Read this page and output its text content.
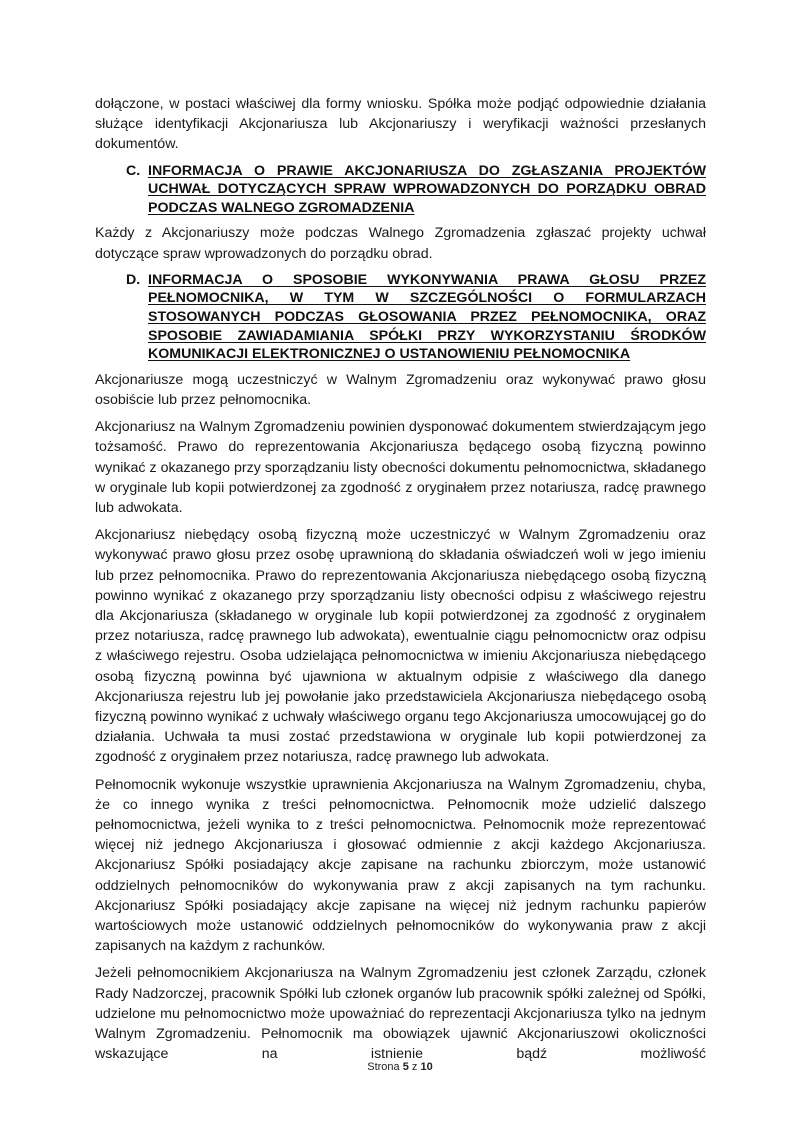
dołączone, w postaci właściwej dla formy wniosku. Spółka może podjąć odpowiednie działania służące identyfikacji Akcjonariusza lub Akcjonariuszy i weryfikacji ważności przesłanych dokumentów.

C. INFORMACJA O PRAWIE AKCJONARIUSZA DO ZGŁASZANIA PROJEKTÓW UCHWAŁ DOTYCZĄCYCH SPRAW WPROWADZONYCH DO PORZĄDKU OBRAD PODCZAS WALNEGO ZGROMADZENIA

Każdy z Akcjonariuszy może podczas Walnego Zgromadzenia zgłaszać projekty uchwał dotyczące spraw wprowadzonych do porządku obrad.

D. INFORMACJA O SPOSOBIE WYKONYWANIA PRAWA GŁOSU PRZEZ PEŁNOMOCNIKA, W TYM W SZCZEGÓLNOŚCI O FORMULARZACH STOSOWANYCH PODCZAS GŁOSOWANIA PRZEZ PEŁNOMOCNIKA, ORAZ SPOSOBIE ZAWIADAMIANIA SPÓŁKI PRZY WYKORZYSTANIU ŚRODKÓW KOMUNIKACJI ELEKTRONICZNEJ O USTANOWIENIU PEŁNOMOCNIKA

Akcjonariusze mogą uczestniczyć w Walnym Zgromadzeniu oraz wykonywać prawo głosu osobiście lub przez pełnomocnika.

Akcjonariusz na Walnym Zgromadzeniu powinien dysponować dokumentem stwierdzającym jego tożsamość. Prawo do reprezentowania Akcjonariusza będącego osobą fizyczną powinno wynikać z okazanego przy sporządzaniu listy obecności dokumentu pełnomocnictwa, składanego w oryginale lub kopii potwierdzonej za zgodność z oryginałem przez notariusza, radcę prawnego lub adwokata.

Akcjonariusz niebędący osobą fizyczną może uczestniczyć w Walnym Zgromadzeniu oraz wykonywać prawo głosu przez osobę uprawnioną do składania oświadczeń woli w jego imieniu lub przez pełnomocnika. Prawo do reprezentowania Akcjonariusza niebędącego osobą fizyczną powinno wynikać z okazanego przy sporządzaniu listy obecności odpisu z właściwego rejestru dla Akcjonariusza (składanego w oryginale lub kopii potwierdzonej za zgodność z oryginałem przez notariusza, radcę prawnego lub adwokata), ewentualnie ciągu pełnomocnictw oraz odpisu z właściwego rejestru. Osoba udzielająca pełnomocnictwa w imieniu Akcjonariusza niebędącego osobą fizyczną powinna być ujawniona w aktualnym odpisie z właściwego dla danego Akcjonariusza rejestru lub jej powołanie jako przedstawiciela Akcjonariusza niebędącego osobą fizyczną powinno wynikać z uchwały właściwego organu tego Akcjonariusza umocowującej go do działania. Uchwała ta musi zostać przedstawiona w oryginale lub kopii potwierdzonej za zgodność z oryginałem przez notariusza, radcę prawnego lub adwokata.

Pełnomocnik wykonuje wszystkie uprawnienia Akcjonariusza na Walnym Zgromadzeniu, chyba, że co innego wynika z treści pełnomocnictwa. Pełnomocnik może udzielić dalszego pełnomocnictwa, jeżeli wynika to z treści pełnomocnictwa. Pełnomocnik może reprezentować więcej niż jednego Akcjonariusza i głosować odmiennie z akcji każdego Akcjonariusza. Akcjonariusz Spółki posiadający akcje zapisane na rachunku zbiorczym, może ustanowić oddzielnych pełnomocników do wykonywania praw z akcji zapisanych na tym rachunku. Akcjonariusz Spółki posiadający akcje zapisane na więcej niż jednym rachunku papierów wartościowych może ustanowić oddzielnych pełnomocników do wykonywania praw z akcji zapisanych na każdym z rachunków.

Jeżeli pełnomocnikiem Akcjonariusza na Walnym Zgromadzeniu jest członek Zarządu, członek Rady Nadzorczej, pracownik Spółki lub członek organów lub pracownik spółki zależnej od Spółki, udzielone mu pełnomocnictwo może upoważniać do reprezentacji Akcjonariusza tylko na jednym Walnym Zgromadzeniu. Pełnomocnik ma obowiązek ujawnić Akcjonariuszowi okoliczności wskazujące na istnienie bądź możliwość

Strona 5 z 10
